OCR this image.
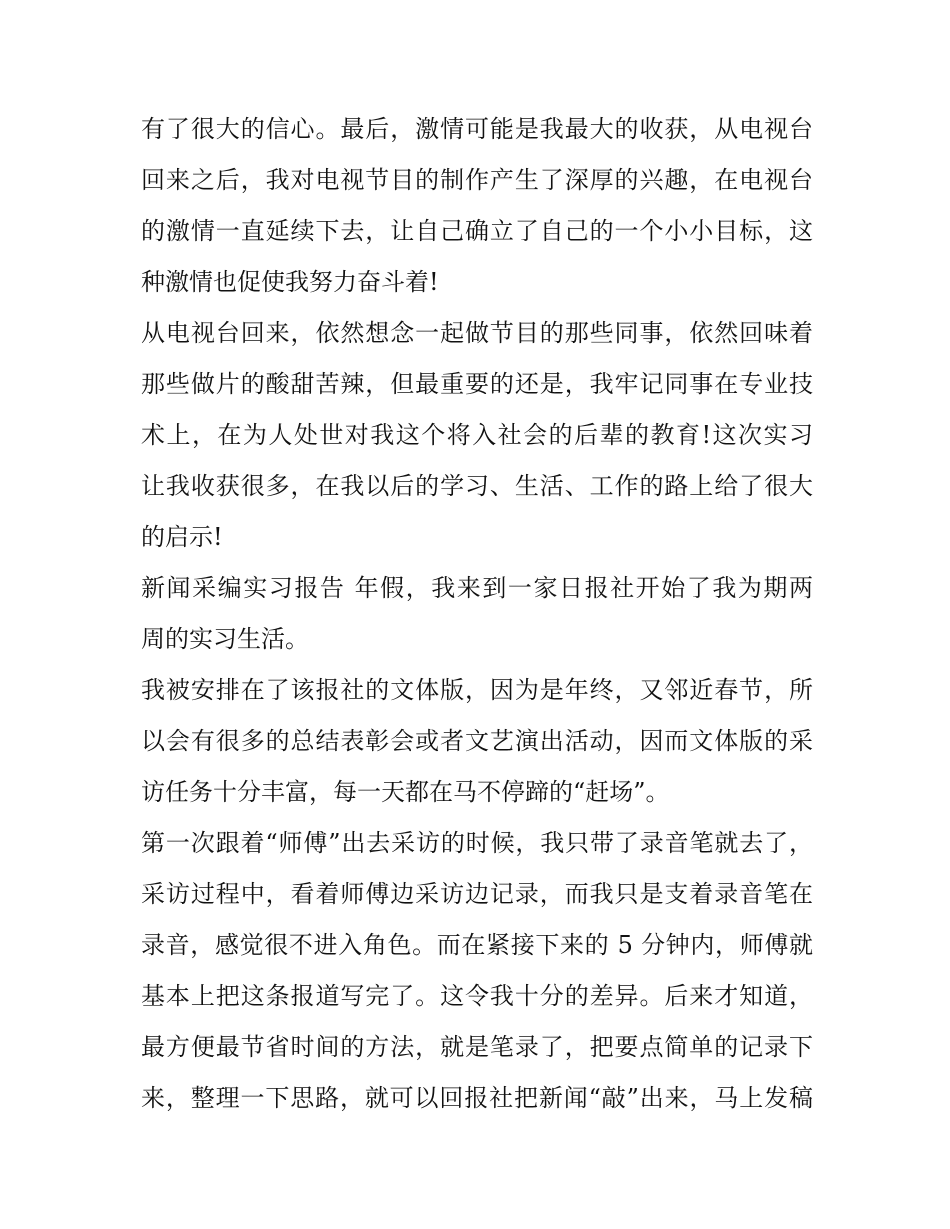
有了很大的信心。最后，激情可能是我最大的收获，从电视台
回来之后，我对电视节目的制作产生了深厚的兴趣，在电视台
的激情一直延续下去，让自己确立了自己的一个小小目标，这
种激情也促使我努力奋斗着!
从电视台回来，依然想念一起做节目的那些同事，依然回味着
那些做片的酸甜苦辣，但最重要的还是，我牢记同事在专业技
术上，在为人处世对我这个将入社会的后辈的教育!这次实习
让我收获很多，在我以后的学习、生活、工作的路上给了很大
的启示!
新闻采编实习报告 年假，我来到一家日报社开始了我为期两
周的实习生活。
我被安排在了该报社的文体版，因为是年终，又邻近春节，所
以会有很多的总结表彰会或者文艺演出活动，因而文体版的采
访任务十分丰富，每一天都在马不停蹄的“赶场”。
第一次跟着“师傅”出去采访的时候，我只带了录音笔就去了，
采访过程中，看着师傅边采访边记录，而我只是支着录音笔在
录音，感觉很不进入角色。而在紧接下来的 5 分钟内，师傅就
基本上把这条报道写完了。这令我十分的差异。后来才知道，
最方便最节省时间的方法，就是笔录了，把要点简单的记录下
来，整理一下思路，就可以回报社把新闻“敲”出来，马上发稿
